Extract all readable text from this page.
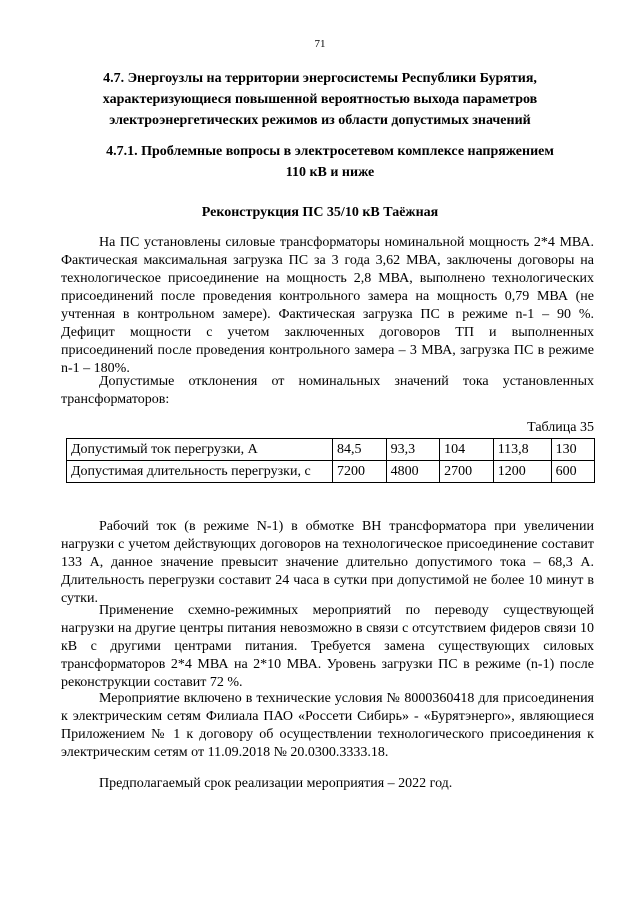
71
4.7. Энергоузлы на территории энергосистемы Республики Бурятия, характеризующиеся повышенной вероятностью выхода параметров электроэнергетических режимов из области допустимых значений
4.7.1. Проблемные вопросы в электросетевом комплексе напряжением 110 кВ и ниже
Реконструкция ПС 35/10 кВ Таёжная

На ПС установлены силовые трансформаторы номинальной мощность 2*4 МВА. Фактическая максимальная загрузка ПС за 3 года 3,62 МВА, заключены договоры на технологическое присоединение на мощность 2,8 МВА, выполнено технологических присоединений после проведения контрольного замера на мощность 0,79 МВА (не учтенная в контрольном замере). Фактическая загрузка ПС в режиме n-1 – 90 %. Дефицит мощности с учетом заключенных договоров ТП и выполненных присоединений после проведения контрольного замера – 3 МВА, загрузка ПС в режиме n-1 – 180%.

Допустимые отклонения от номинальных значений тока установленных трансформаторов:

Таблица 35
Допустимый ток перегрузки, А	84,5	93,3	104	113,8	130
Допустимая длительность перегрузки, с	7200	4800	2700	1200	600

Рабочий ток (в режиме N-1) в обмотке ВН трансформатора при увеличении нагрузки с учетом действующих договоров на технологическое присоединение составит 133 А, данное значение превысит значение длительно допустимого тока – 68,3 А. Длительность перегрузки составит 24 часа в сутки при допустимой не более 10 минут в сутки.

Применение схемно-режимных мероприятий по переводу существующей нагрузки на другие центры питания невозможно в связи с отсутствием фидеров связи 10 кВ с другими центрами питания. Требуется замена существующих силовых трансформаторов 2*4 МВА на 2*10 МВА. Уровень загрузки ПС в режиме (n-1) после реконструкции составит 72 %.

Мероприятие включено в технические условия № 8000360418 для присоединения к электрическим сетям Филиала ПАО «Россети Сибирь» - «Бурятэнерго», являющиеся Приложением № 1 к договору об осуществлении технологического присоединения к электрическим сетям от 11.09.2018 № 20.0300.3333.18.

Предполагаемый срок реализации мероприятия – 2022 год.
